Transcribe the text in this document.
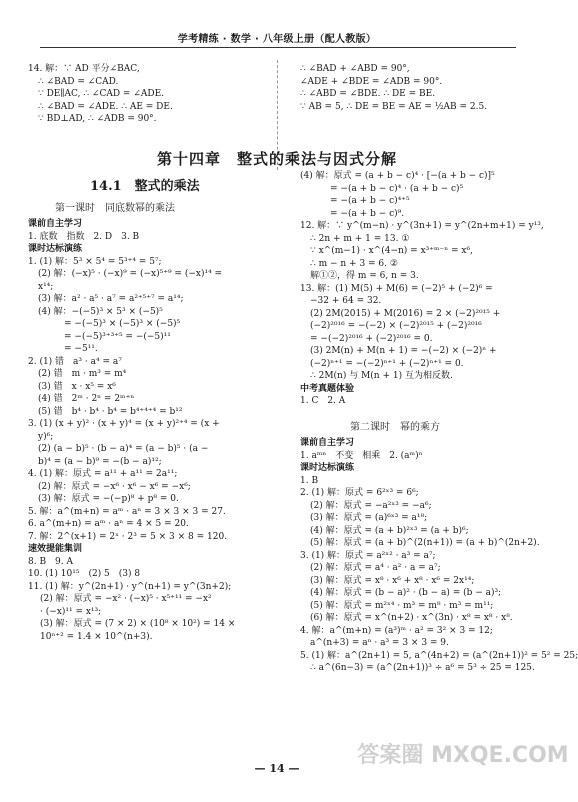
学考精练 · 数学 · 八年级上册（配人教版）
14. 解：∵ AD 平分∠BAC,
∴ ∠BAD = ∠CAD.
∵ DE∥AC, ∴ ∠CAD = ∠ADE.
∴ ∠BAD = ∠ADE. ∴ AE = DE.
∵ BD⊥AD, ∴ ∠ADB = 90°.
∴ ∠BAD + ∠ABD = 90°,
∠ADE + ∠BDE = ∠ADB = 90°.
∴ ∠ABD = ∠BDE. ∴ DE = BE.
∵ AB = 5, ∴ DE = BE = AE = ½AB = 2.5.
第十四章　整式的乘法与因式分解
14.1　整式的乘法
第一课时　同底数幂的乘法
课前自主学习
1. 底数　指数　2. D　3. B
课时达标演练
1. (1) 解：5³ × 5⁴ = 5³⁺⁴ = 5⁷;
(2) 解：(−x)⁵ · (−x)⁹ = (−x)⁵⁺⁹ = (−x)¹⁴ =
x¹⁴;
(3) 解：a² · a⁵ · a⁷ = a²⁺⁵⁺⁷ = a¹⁴;
(4) 解：−(−5)³ × 5³ × (−5)⁵
= −(−5)³ × (−5)³ × (−5)⁵
= −(−5)³⁺³⁺⁵ = −(−5)¹¹
= −5¹¹.
2. (1) 错　a³ · a⁴ = a⁷
(2) 错　m · m³ = m⁴
(3) 错　x · x⁵ = x⁶
(4) 错　2ᵐ · 2ⁿ = 2ᵐ⁺ⁿ
(5) 错　b⁴ · b⁴ · b⁴ = b⁴⁺⁴⁺⁴ = b¹²
3. (1) (x + y)² · (x + y)⁴ = (x + y)²⁺⁴ = (x +
y)⁶;
(2) (a − b)⁵ · (b − a)⁴ = (a − b)⁵ · (a −
b)⁴ = (a − b)⁹ = −(b − a)¹²;
4. (1) 解：原式 = a¹¹ + a¹¹ = 2a¹¹;
(2) 解：原式 = −x⁶ · x⁶ − x⁶ = −x⁶;
(3) 解：原式 = −(−p)⁸ + p⁸ = 0.
5. 解：a^(m+n) = aᵐ · aⁿ = 3 × 3 × 3 = 27.
6. a^(m+n) = aᵐ · aⁿ = 4 × 5 = 20.
7. 解：2^(x+1) = 2ˣ · 2³ = 5 × 3 × 8 = 120.
速效提能集训
8. B　9. A
10. (1) 10¹⁵　(2) 5　(3) 8
11. (1) 解：y^(2n+1) · y^(n+1) = y^(3n+2);
(2) 解：原式 = −x² · (−x)⁵ · x⁵⁺¹¹ = −x²
· (−x)¹¹ = x¹³;
(3) 解：原式 = (7 × 2) × (10⁸ × 10²) = 14 ×
10ⁿ⁺² = 1.4 × 10^(n+3).
(4) 解：原式 = (a + b − c)⁴ · [−(a + b − c)]⁵
= −(a + b − c)⁴ · (a + b − c)⁵
= −(a + b − c)⁴⁺⁵
= −(a + b − c)⁹.
12. 解：∵ y^(m−n) · y^(3n+1) = y^(2n+m+1) = y¹³,
∴ 2n + m + 1 = 13. ①
∵ x^(m−1) · x^(4−n) = x³⁺ᵐ⁻ⁿ = x⁶,
∴ m − n + 3 = 6. ②
解①②，得 m = 6, n = 3.
13. 解：(1) M(5) + M(6) = (−2)⁵ + (−2)⁶ =
−32 + 64 = 32.
(2) 2M(2015) + M(2016) = 2 × (−2)²⁰¹⁵ +
(−2)²⁰¹⁶ = −(−2) × (−2)²⁰¹⁵ + (−2)²⁰¹⁶
= −(−2)²⁰¹⁶ + (−2)²⁰¹⁶ = 0.
(3) 2M(n) + M(n + 1) = −(−2) × (−2)ⁿ +
(−2)ⁿ⁺¹ = −(−2)ⁿ⁺¹ + (−2)ⁿ⁺¹ = 0.
∴ 2M(n) 与 M(n + 1) 互为相反数.
中考真题体验
1. C　2. A
第二课时　幂的乘方
课前自主学习
1. aᵐⁿ　不变　相乘　2. (aᵐ)ⁿ
课时达标演练
1. B
2. (1) 解：原式 = 6²ˣ³ = 6⁶;
(2) 解：原式 = −a²ˣ³ = −a⁶;
(3) 解：原式 = (a)⁶ˣ³ = a¹⁸;
(4) 解：原式 = (a + b)²ˣ³ = (a + b)⁶;
(5) 解：原式 = (a + b)^(2(n+1)) = (a + b)^(2n+2).
3. (1) 解：原式 = a²ˣ² · a³ = a⁷;
(2) 解：原式 = a⁴ · a² · a = a⁷;
(3) 解：原式 = x⁸ · x⁶ + x⁸ · x⁶ = 2x¹⁴;
(4) 解：原式 = (b − a)² · (b − a) = (b − a)³;
(5) 解：原式 = m²ˣ⁴ · m³ = m⁸ · m³ = m¹¹;
(6) 解：原式 = x^(n+2) · x^(3n) · x⁸ = x⁸ · x⁸.
4. 解：a^(m+n) = (a³)ᵐ · a² = 3² × 3 = 12;
a^(n+3) = aⁿ · a³ = 3 × 3 = 9.
5. (1) 解：a^(2n+1) = 5, a^(4n+2) = (a^(2n+1))² = 5² = 25;
∴ a^(6n−3) = (a^(2n+1))³ ÷ a⁶ = 5³ ÷ 25 = 125.
— 14 —
答案圈 MXQE.COM
